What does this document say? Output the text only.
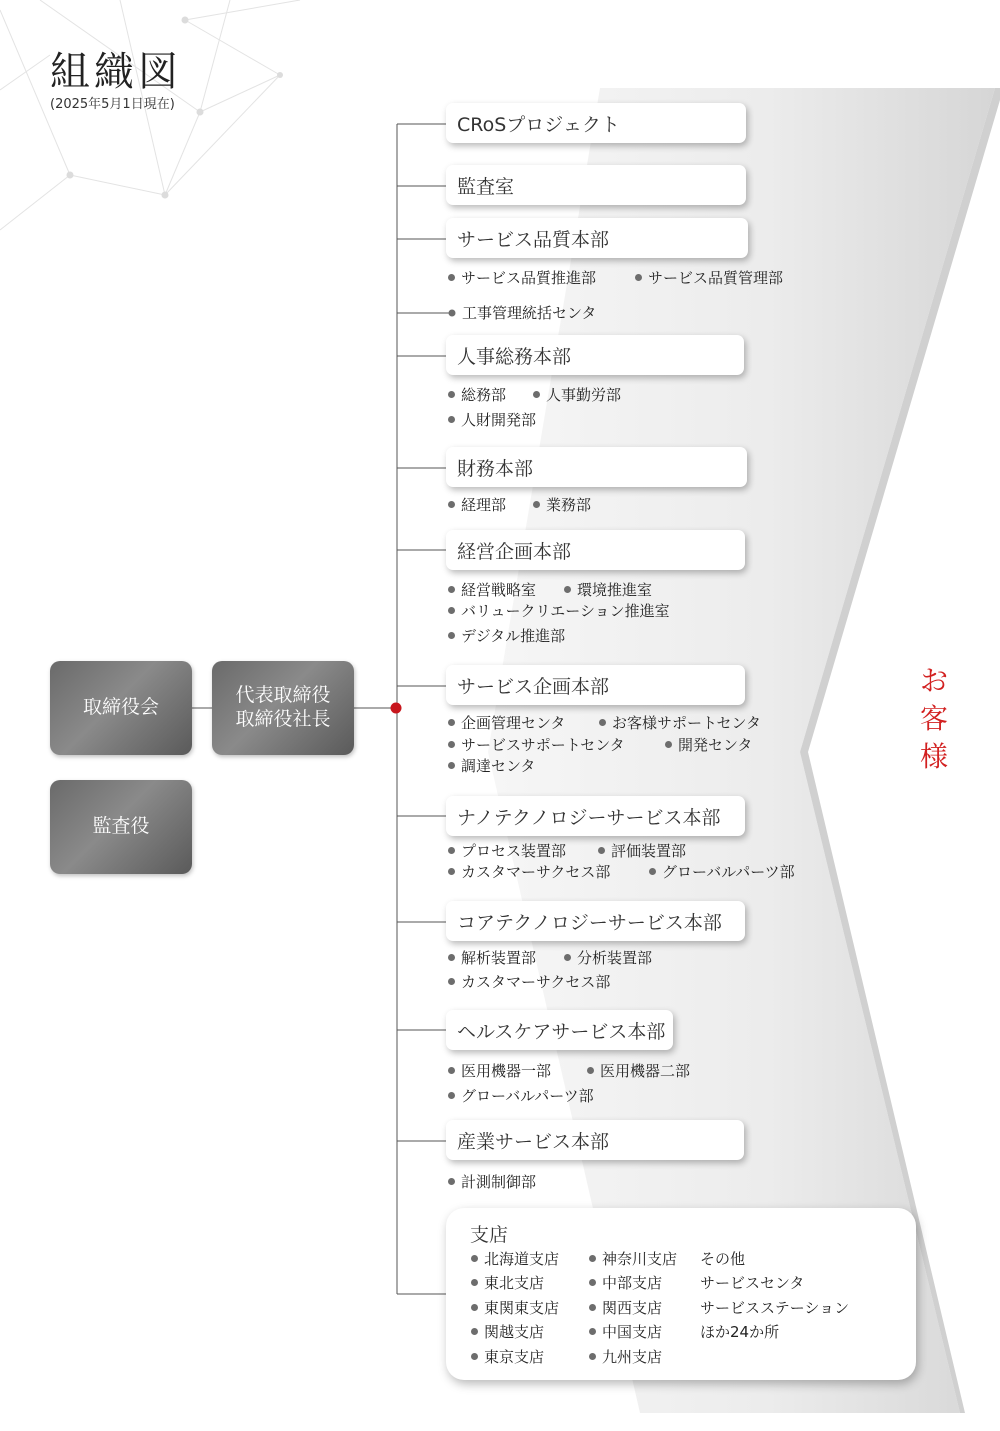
組織図
(2025年5月1日現在)
取締役会
代表取締役
取締役社長
監査役
お
客
様
CRoSプロジェクト
監査室
サービス品質本部
サービス品質推進部	サービス品質管理部
工事管理統括センタ
人事総務本部
総務部	人事勤労部
人財開発部
財務本部
経理部	業務部
経営企画本部
経営戦略室	環境推進室
バリュークリエーション推進室
デジタル推進部
サービス企画本部
企画管理センタ	お客様サポートセンタ
サービスサポートセンタ	開発センタ
調達センタ
ナノテクノロジーサービス本部
プロセス装置部	評価装置部
カスタマーサクセス部	グローバルパーツ部
コアテクノロジーサービス本部
解析装置部	分析装置部
カスタマーサクセス部
ヘルスケアサービス本部
医用機器一部	医用機器二部
グローバルパーツ部
産業サービス本部
計測制御部
支店
北海道支店
東北支店
東関東支店
関越支店
東京支店
神奈川支店
中部支店
関西支店
中国支店
九州支店
その他
サービスセンタ
サービスステーション
ほか24か所
